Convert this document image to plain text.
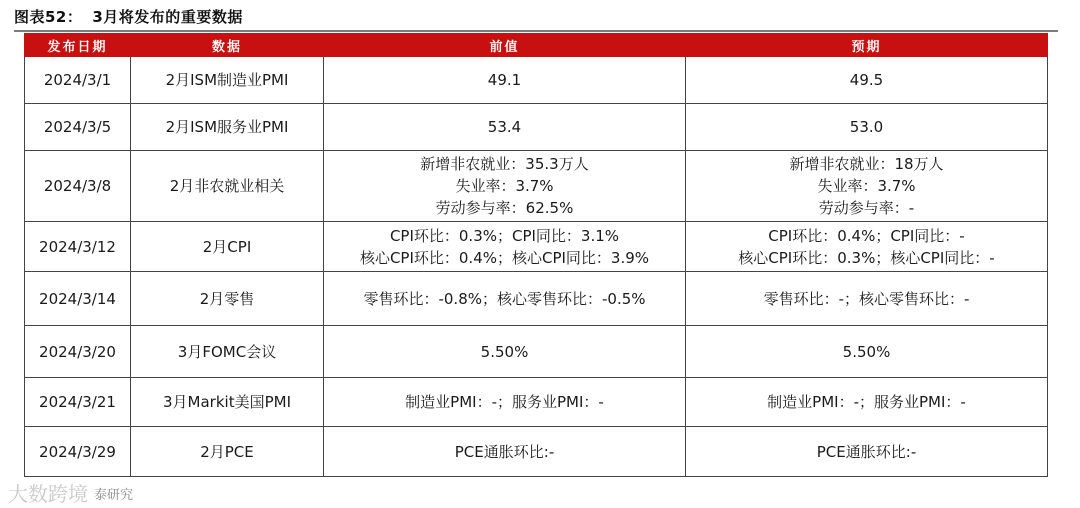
图表52： 3月将发布的重要数据
发布日期	数据	前值	预期
2024/3/1	2月ISM制造业PMI	49.1	49.5

2024/3/5	2月ISM服务业PMI	53.4	53.0

2024/3/8	2月非农就业相关	新增非农就业：35.3万人
失业率：3.7%
劳动参与率：62.5%	新增非农就业：18万人
失业率：3.7%
劳动参与率：-

2024/3/12	2月CPI	CPI环比：0.3%；CPI同比：3.1%
核心CPI环比：0.4%；核心CPI同比：3.9%	CPI环比：0.4%；CPI同比：-
核心CPI环比：0.3%；核心CPI同比：-

2024/3/14	2月零售	零售环比：-0.8%；核心零售环比：-0.5%	零售环比：-；核心零售环比：-

2024/3/20	3月FOMC会议	5.50%	5.50%

2024/3/21	3月Markit美国PMI	制造业PMI：-；服务业PMI：-	制造业PMI：-；服务业PMI：-

2024/3/29	2月PCE	PCE通胀环比:-	PCE通胀环比:-
大数跨境 泰研究
